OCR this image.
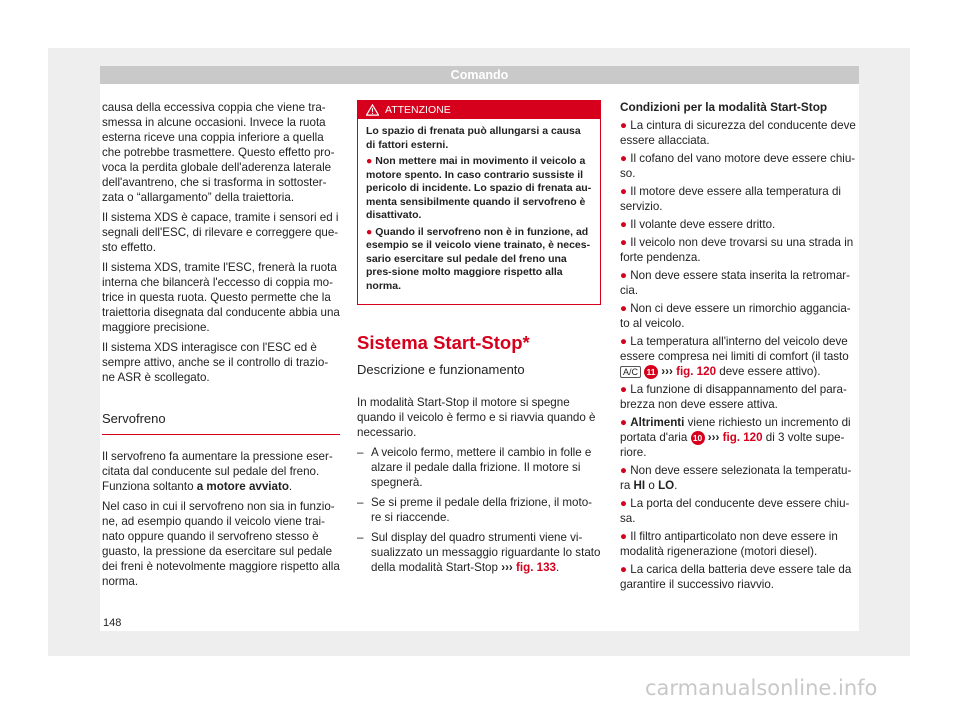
Comando

causa della eccessiva coppia che viene tra-smessa in alcune occasioni. Invece la ruota esterna riceve una coppia inferiore a quella che potrebbe trasmettere. Questo effetto pro-voca la perdita globale dell'aderenza laterale dell'avantreno, che si trasforma in sottoster-zata o “allargamento” della traiettoria.

Il sistema XDS è capace, tramite i sensori ed i segnali dell'ESC, di rilevare e correggere que-sto effetto.

Il sistema XDS, tramite l'ESC, frenerà la ruota interna che bilancerà l'eccesso di coppia mo-trice in questa ruota. Questo permette che la traiettoria disegnata dal conducente abbia una maggiore precisione.

Il sistema XDS interagisce con l'ESC ed è sempre attivo, anche se il controllo di trazio-ne ASR è scollegato.

Servofreno

Il servofreno fa aumentare la pressione eser-citata dal conducente sul pedale del freno. Funziona soltanto a motore avviato.

Nel caso in cui il servofreno non sia in funzio-ne, ad esempio quando il veicolo viene trai-nato oppure quando il servofreno stesso è guasto, la pressione da esercitare sul pedale dei freni è notevolmente maggiore rispetto alla norma.

ATTENZIONE

Lo spazio di frenata può allungarsi a causa di fattori esterni.

● Non mettere mai in movimento il veicolo a motore spento. In caso contrario sussiste il pericolo di incidente. Lo spazio di frenata au-menta sensibilmente quando il servofreno è disattivato.

● Quando il servofreno non è in funzione, ad esempio se il veicolo viene trainato, è neces-sario esercitare sul pedale del freno una pres-sione molto maggiore rispetto alla norma.

Sistema Start-Stop*
Descrizione e funzionamento

In modalità Start-Stop il motore si spegne quando il veicolo è fermo e si riavvia quando è necessario.

– A veicolo fermo, mettere il cambio in folle e alzare il pedale dalla frizione. Il motore si spegnerà.
– Se si preme il pedale della frizione, il moto-re si riaccende.
– Sul display del quadro strumenti viene vi-sualizzato un messaggio riguardante lo stato della modalità Start-Stop ››› fig. 133.
Condizioni per la modalità Start-Stop

● La cintura di sicurezza del conducente deve essere allacciata.

● Il cofano del vano motore deve essere chiu-so.

● Il motore deve essere alla temperatura di servizio.

● Il volante deve essere dritto.

● Il veicolo non deve trovarsi su una strada in forte pendenza.

● Non deve essere stata inserita la retromar-cia.

● Non ci deve essere un rimorchio aggancia-to al veicolo.

● La temperatura all'interno del veicolo deve essere compresa nei limiti di comfort (il tasto A/C 11 ››› fig. 120 deve essere attivo).

● La funzione di disappannamento del para-brezza non deve essere attiva.

● Altrimenti viene richiesto un incremento di portata d'aria 10 ››› fig. 120 di 3 volte supe-riore.

● Non deve essere selezionata la temperatu-ra HI o LO.

● La porta del conducente deve essere chiu-sa.

● Il filtro antiparticolato non deve essere in modalità rigenerazione (motori diesel).

● La carica della batteria deve essere tale da garantire il successivo riavvio.

148
carmanualsonline.info
